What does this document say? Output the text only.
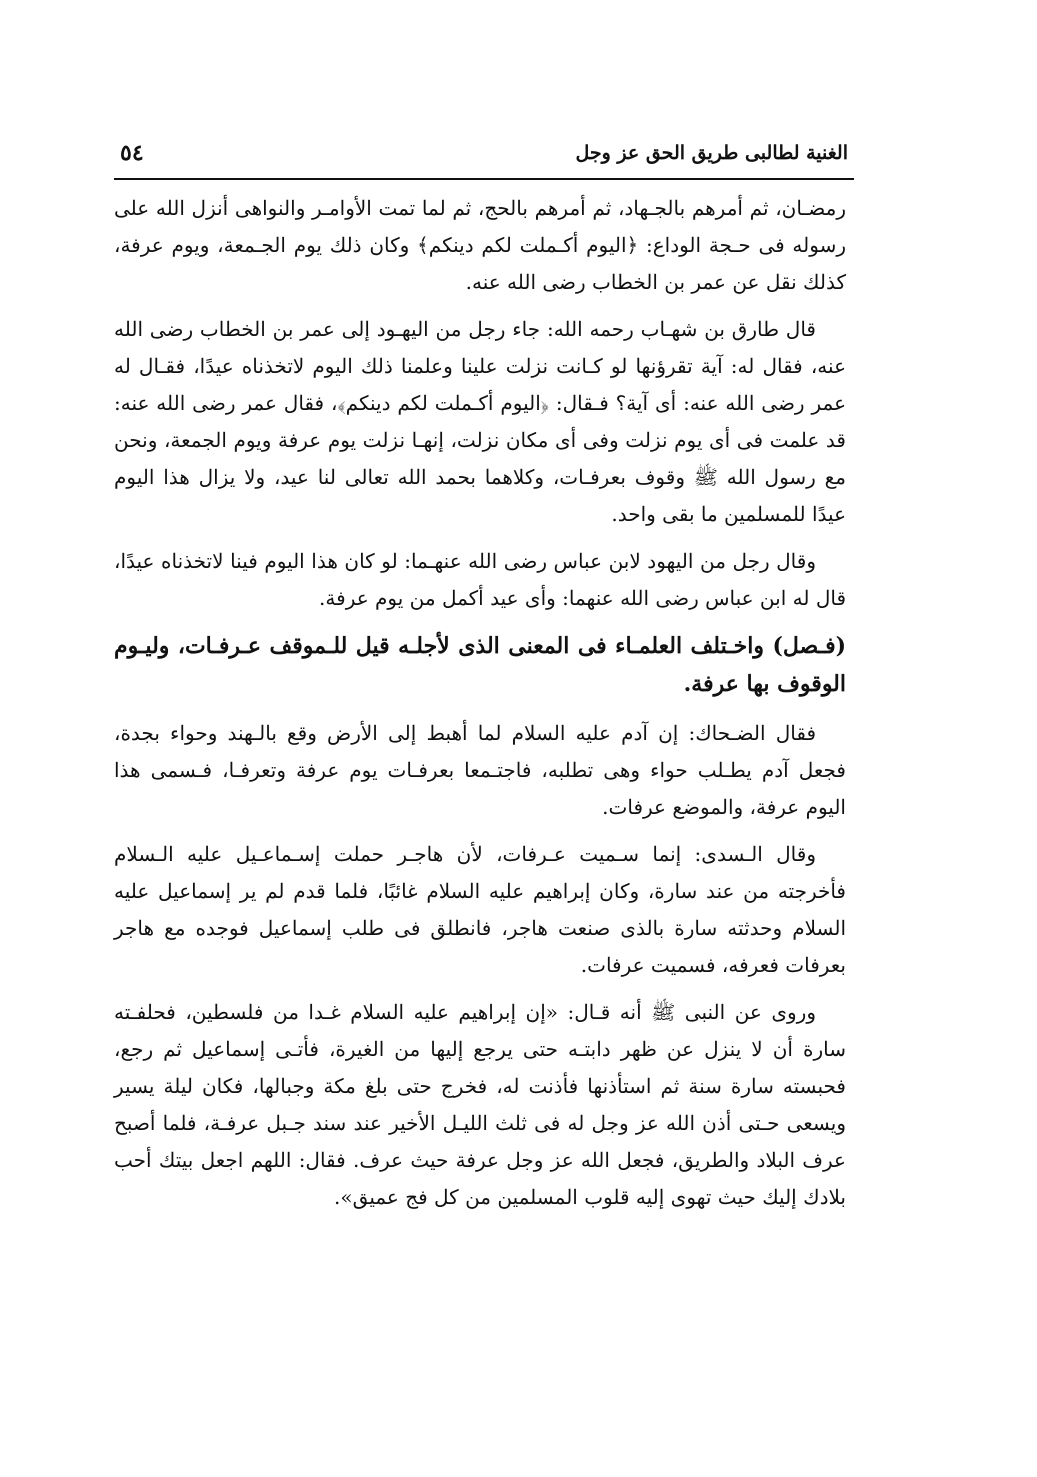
الغنية لطالبى طريق الحق عز وجل
٥٤

رمضـان، ثم أمرهم بالجـهاد، ثم أمرهم بالحج، ثم لما تمت الأوامـر والنواهى أنزل الله على رسوله فى حـجة الوداع: ﴿اليوم أكـملت لكم دينكم﴾ وكان ذلك يوم الجـمعة، ويوم عرفة، كذلك نقل عن عمر بن الخطاب رضى الله عنه.

قال طارق بن شهـاب رحمه الله: جاء رجل من اليهـود إلى عمر بن الخطاب رضى الله عنه، فقال له: آية تقرؤنها لو كـانت نزلت علينا وعلمنا ذلك اليوم لاتخذناه عيدًا، فقـال له عمر رضى الله عنه: أى آية؟ فـقال: ﴿اليوم أكـملت لكم دينكم﴾، فقال عمر رضى الله عنه: قد علمت فى أى يوم نزلت وفى أى مكان نزلت، إنهـا نزلت يوم عرفة ويوم الجمعة، ونحن مع رسول الله ﷺ وقوف بعرفـات، وكلاهما بحمد الله تعالى لنا عيد، ولا يزال هذا اليوم عيدًا للمسلمين ما بقى واحد.

وقال رجل من اليهود لابن عباس رضى الله عنهـما: لو كان هذا اليوم فينا لاتخذناه عيدًا، قال له ابن عباس رضى الله عنهما: وأى عيد أكمل من يوم عرفة.

(فـصل) واخـتلف العلمـاء فى المعنى الذى لأجلـه قيل للـموقف عـرفـات، وليـوم الوقوف بها عرفة.

فقال الضـحاك: إن آدم عليه السلام لما أهبط إلى الأرض وقع بالـهند وحواء بجدة، فجعل آدم يطـلب حواء وهى تطلبه، فاجتـمعا بعرفـات يوم عرفة وتعرفـا، فـسمى هذا اليوم عرفة، والموضع عرفات.

وقال الـسدى: إنما سـميت عـرفات، لأن هاجـر حملت إسـماعـيل عليه الـسلام فأخرجته من عند سارة، وكان إبراهيم عليه السلام غائبًا، فلما قدم لم ير إسماعيل عليه السلام وحدثته سارة بالذى صنعت هاجر، فانطلق فى طلب إسماعيل فوجده مع هاجر بعرفات فعرفه، فسميت عرفات.

وروى عن النبى ﷺ أنه قـال: «إن إبراهيم عليه السلام غـدا من فلسطين، فحلفـته سارة أن لا ينزل عن ظهر دابتـه حتى يرجع إليها من الغيرة، فأتـى إسماعيل ثم رجع، فحبسته سارة سنة ثم استأذنها فأذنت له، فخرج حتى بلغ مكة وجبالها، فكان ليلة يسير ويسعى حـتى أذن الله عز وجل له فى ثلث الليـل الأخير عند سند جـبل عرفـة، فلما أصبح عرف البلاد والطريق، فجعل الله عز وجل عرفة حيث عرف. فقال: اللهم اجعل بيتك أحب بلادك إليك حيث تهوى إليه قلوب المسلمين من كل فج عميق».
